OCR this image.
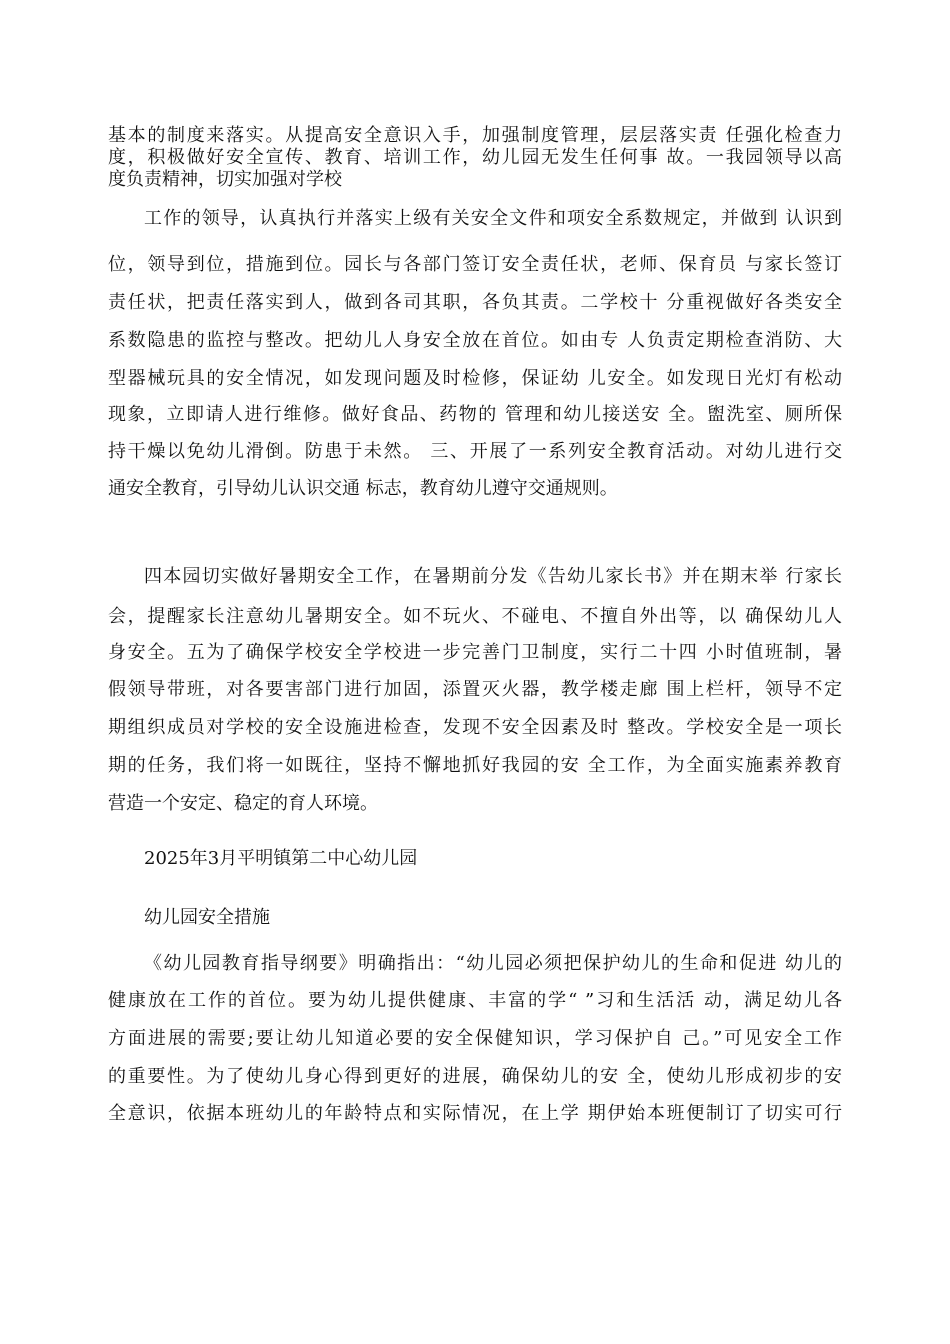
基本的制度来落实。从提高安全意识入手，加强制度管理，层层落实责 任强化检查力
度，积极做好安全宣传、教育、培训工作，幼儿园无发生任何事 故。一我园领导以高
度负责精神，切实加强对学校
工作的领导，认真执行并落实上级有关安全文件和项安全系数规定，并做到 认识到
位，领导到位，措施到位。园长与各部门签订安全责任状，老师、保育员 与家长签订
责任状，把责任落实到人，做到各司其职，各负其责。二学校十 分重视做好各类安全
系数隐患的监控与整改。把幼儿人身安全放在首位。如由专 人负责定期检查消防、大
型器械玩具的安全情况，如发现问题及时检修，保证幼 儿安全。如发现日光灯有松动
现象，立即请人进行维修。做好食品、药物的 管理和幼儿接送安 全。盥洗室、厕所保
持干燥以免幼儿滑倒。防患于未然。 三、开展了一系列安全教育活动。对幼儿进行交
通安全教育，引导幼儿认识交通 标志，教育幼儿遵守交通规则。
四本园切实做好暑期安全工作，在暑期前分发《告幼儿家长书》并在期末举 行家长
会，提醒家长注意幼儿暑期安全。如不玩火、不碰电、不擅自外出等，以 确保幼儿人
身安全。五为了确保学校安全学校进一步完善门卫制度，实行二十四 小时值班制，暑
假领导带班，对各要害部门进行加固，添置灭火器，教学楼走廊 围上栏杆，领导不定
期组织成员对学校的安全设施进检查，发现不安全因素及时 整改。学校安全是一项长
期的任务，我们将一如既往，坚持不懈地抓好我园的安 全工作，为全面实施素养教育
营造一个安定、稳定的育人环境。
2025年3月平明镇第二中心幼儿园
幼儿园安全措施
《幼儿园教育指导纲要》明确指出：“幼儿园必须把保护幼儿的生命和促进 幼儿的
健康放在工作的首位。要为幼儿提供健康、丰富的学“ ”习和生活活 动，满足幼儿各
方面进展的需要;要让幼儿知道必要的安全保健知识，学习保护自 己。”可见安全工作
的重要性。为了使幼儿身心得到更好的进展，确保幼儿的安 全，使幼儿形成初步的安
全意识，依据本班幼儿的年龄特点和实际情况，在上学 期伊始本班便制订了切实可行
